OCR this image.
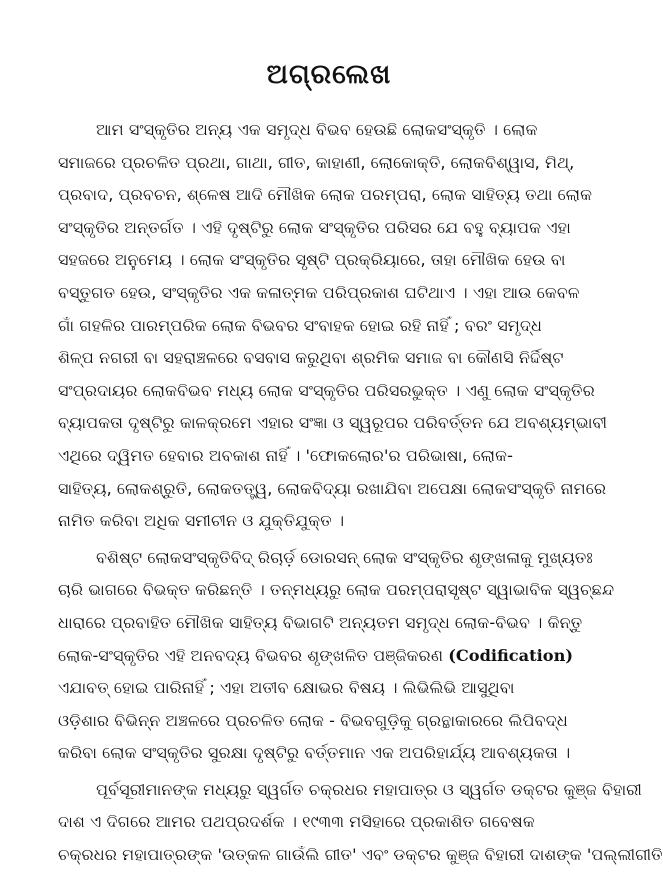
ଅଗ୍ରଲେଖ
ଆମ ସଂସ୍କୃତିର ଅନ୍ୟ ଏକ ସମୃଦ୍ଧ ବିଭବ ହେଉଛି ଲୋକସଂସ୍କୃତି । ଲୋକ
ସମାଜରେ ପ୍ରଚଳିତ ପ୍ରଥା, ଗାଥା, ଗୀତ, କାହାଣୀ, ଲୋକୋକ୍ତି, ଲୋକବିଶ୍ୱାସ, ମିଥ୍,
ପ୍ରବାଦ, ପ୍ରବଚନ, ଶ୍ଳେଷ ଆଦି ମୌଖିକ ଲୋକ ପରମ୍ପରା, ଲୋକ ସାହିତ୍ୟ ତଥା ଲୋକ
ସଂସ୍କୃତିର ଅନ୍ତର୍ଗତ । ଏହି ଦୃଷ୍ଟିରୁ ଲୋକ ସଂସ୍କୃତିର ପରିସର ଯେ ବହୁ ବ୍ୟାପକ ଏହା
ସହଜରେ ଅନୁମେୟ । ଲୋକ ସଂସ୍କୃତିର ସୃଷ୍ଟି ପ୍ରକ୍ରିୟାରେ, ତାହା ମୌଖିକ ହେଉ ବା
ବସ୍ତୁଗତ ହେଉ, ସଂସ୍କୃତିର ଏକ କଳାତ୍ମକ ପରିପ୍ରକାଶ ଘଟିଥାଏ । ଏହା ଆଉ କେବଳ
ଗାଁ ଗହଳିର ପାରମ୍ପରିକ ଲୋକ ବିଭବର ସଂବାହକ ହୋଇ ରହି ନାହିଁ ; ବରଂ ସମୃଦ୍ଧ
ଶିଳ୍ପ ନଗରୀ ବା ସହରାଞ୍ଚଳରେ ବସବାସ କରୁଥିବା ଶ୍ରମିକ ସମାଜ ବା କୌଣସି ନିର୍ଦ୍ଦିଷ୍ଟ
ସଂପ୍ରଦାୟର ଲୋକବିଭବ ମଧ୍ୟ ଲୋକ ସଂସ୍କୃତିର ପରିସରଭୁକ୍ତ । ଏଣୁ ଲୋକ ସଂସ୍କୃତିର
ବ୍ୟାପକତା ଦୃଷ୍ଟିରୁ କାଳକ୍ରମେ ଏହାର ସଂଜ୍ଞା ଓ ସ୍ୱରୂପର ପରିବର୍ତ୍ତନ ଯେ ଅବଶ୍ୟମ୍ଭାବୀ
ଏଥିରେ ଦ୍ୱିମତ ହେବାର ଅବକାଶ ନାହିଁ । 'ଫୋକଲୋର'ର ପରିଭାଷା, ଲୋକ-
ସାହିତ୍ୟ, ଲୋକଶ୍ରୁତି, ଲୋକତତ୍ତ୍ୱ, ଲୋକବିଦ୍ୟା ରଖାଯିବା ଅପେକ୍ଷା ଲୋକସଂସ୍କୃତି ନାମରେ
ନାମିତ କରିବା ଅଧିକ ସମୀଚୀନ ଓ ଯୁକ୍ତିଯୁକ୍ତ ।
ବଶିଷ୍ଟ ଲୋକସଂସ୍କୃତିବିଦ୍ ରିଚାର୍ଡ଼ ଡୋରସନ୍ ଲୋକ ସଂସ୍କୃତିର ଶୃଙ୍ଖଳାକୁ ମୁଖ୍ୟତଃ
ଚାରି ଭାଗରେ ବିଭକ୍ତ କରିଛନ୍ତି । ତନ୍ମଧ୍ୟରୁ ଲୋକ ପରମ୍ପରାସୃଷ୍ଟ ସ୍ୱାଭାବିକ ସ୍ୱଚ୍ଛନ୍ଦ
ଧାରାରେ ପ୍ରବାହିତ ମୌଖିକ ସାହିତ୍ୟ ବିଭାଗଟି ଅନ୍ୟତମ ସମୃଦ୍ଧ ଲୋକ-ବିଭବ । କିନ୍ତୁ
ଲୋକ-ସଂସ୍କୃତିର ଏହି ଅନବଦ୍ୟ ବିଭବର ଶୃଙ୍ଖଳିତ ପଞ୍ଜିକରଣ (Codification)
ଏଯାବତ୍ ହୋଇ ପାରିନାହିଁ ; ଏହା ଅତୀବ କ୍ଷୋଭର ବିଷୟ । ଲିଭିଲିଭି ଆସୁଥିବା
ଓଡ଼ିଶାର ବିଭିନ୍ନ ଅଞ୍ଚଳରେ ପ୍ରଚଳିତ ଲୋକ - ବିଭବଗୁଡ଼ିକୁ ଗ୍ରନ୍ଥାକାରରେ ଲିପିବଦ୍ଧ
କରିବା ଲୋକ ସଂସ୍କୃତିର ସୁରକ୍ଷା ଦୃଷ୍ଟିରୁ ବର୍ତ୍ତମାନ ଏକ ଅପରିହାର୍ଯ୍ୟ ଆବଶ୍ୟକତା ।
ପୂର୍ବସୂରୀମାନଙ୍କ ମଧ୍ୟରୁ ସ୍ୱର୍ଗତ ଚକ୍ରଧର ମହାପାତ୍ର ଓ ସ୍ୱର୍ଗତ ଡକ୍ଟର କୁଞ୍ଜ ବିହାରୀ
ଦାଶ ଏ ଦିଗରେ ଆମର ପଥପ୍ରଦର୍ଶକ । ୧୯୩୩ ମସିହାରେ ପ୍ରକାଶିତ ଗବେଷକ
ଚକ୍ରଧର ମହାପାତ୍ରଙ୍କ 'ଉତ୍କଳ ଗାଉଁଲି ଗୀତ' ଏବଂ ଡକ୍ଟର କୁଞ୍ଜ ବିହାରୀ ଦାଶଙ୍କ 'ପଲ୍ଲୀଗୀତି
